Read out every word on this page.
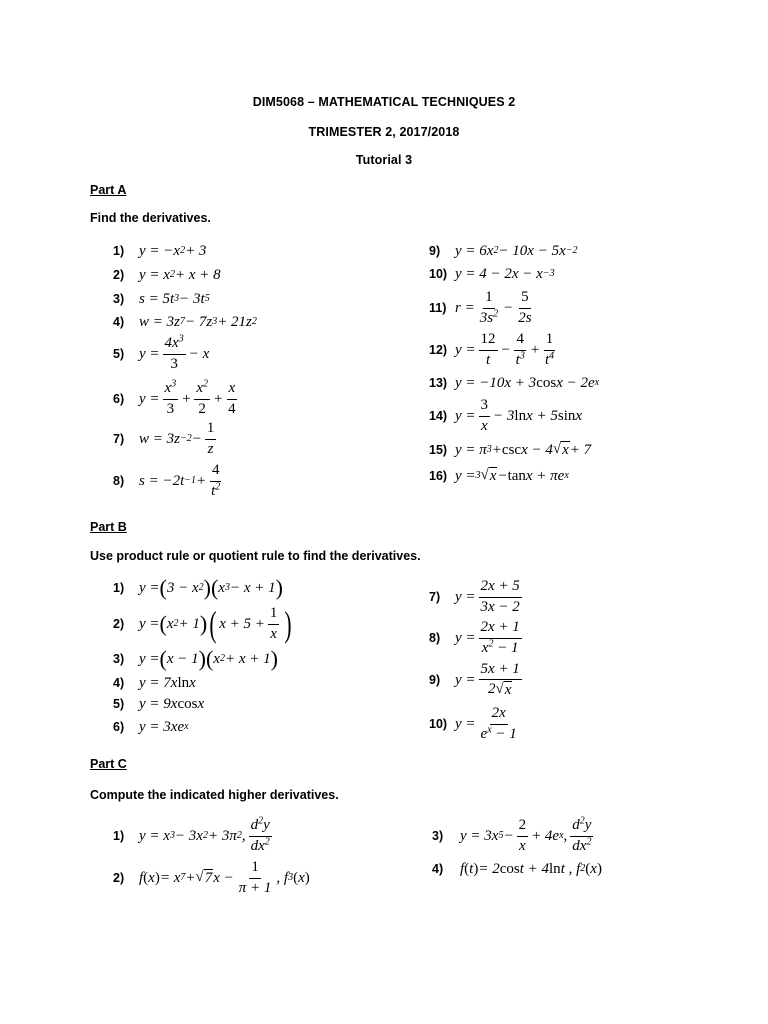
DIM5068 – MATHEMATICAL TECHNIQUES 2
TRIMESTER 2, 2017/2018
Tutorial 3
Part A
Find the derivatives.
1) y = −x 2 + 3
2) y = x 2 + x + 8
3) s = 5t 3 − 3t 5
4) w = 3z 7 − 7z 3 + 21z 2
5) y =
$4x^3$
3
− x
6) y =
$x^3$
3
+
$x^2$
2
+
x
4
7) w = 3z −2 −
1
z
8) s = −2t −1 +
4
$t^2$
9) y = 6x 2 − 10x − 5x −2
10) y = 4 − 2x − x −3
11) r =
1
$3s^2$ −
5
2s
12) y =
12
t
−
4
$t^3$ +
1
$t^4$
13) y = −10x + 3 cos x − 2e x
14) y =
3
x
− 3 ln x + 5 sin x
15) y = π 3 + csc x − 4 √ x + 7
16) y = 3 √ x − tan x + πe x
Part B
Use product rule or quotient rule to find the derivatives.
1) y = ( 3 − x 2 ) ( x 3 − x + 1 )
2) y = ( x 2 + 1 ) ( x + 5 +
1
x )
3) y = ( x − 1 ) ( x 2 + x + 1 )
4) y = 7x ln x
5) y = 9x cos x
6) y = 3xe x
7) y =
2x + 5
3x − 2
8) y =
2x + 1
$x^2 - 1$
9) y =
5x + 1
2√ x
10) y =
2x
$e^x - 1$
Part C
Compute the indicated higher derivatives.
1) y = x 3 − 3x 2 + 3π 2 ,
$d^2y$
$dx^2$
2) f ( x ) = x 7 + √ 7 x −
1
π + 1
, f 3 ( x )
3)	y = 3x 5 −
2
x
+ 4e x ,
$d^2y$
$dx^2$
4)	f ( t ) = 2 cos t + 4 ln t , f 2 ( x )
